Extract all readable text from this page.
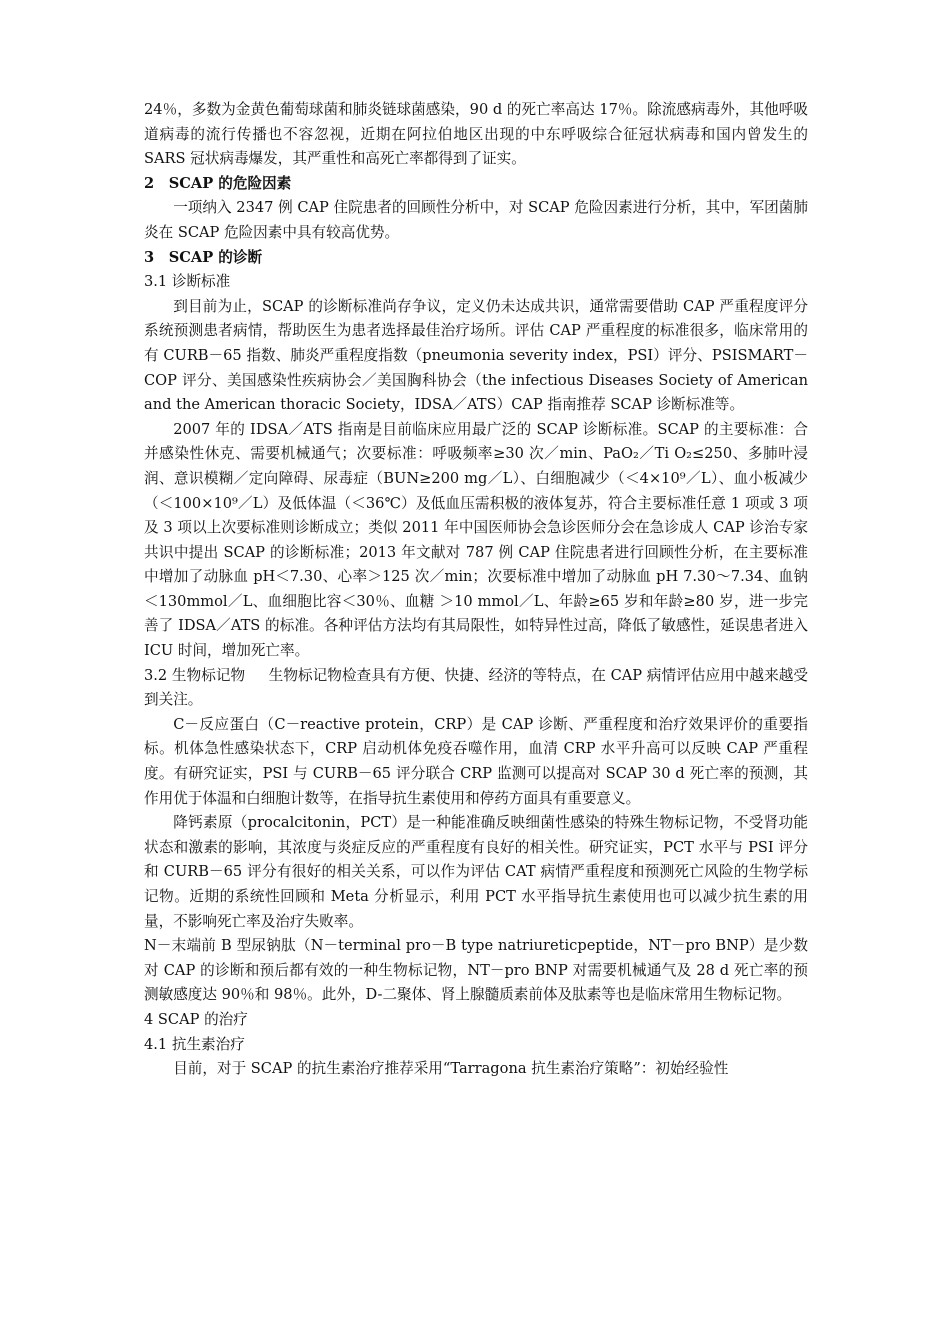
24％，多数为金黄色葡萄球菌和肺炎链球菌感染，90 d 的死亡率高达 17％。除流感病毒外，其他呼吸道病毒的流行传播也不容忽视，近期在阿拉伯地区出现的中东呼吸综合征冠状病毒和国内曾发生的 SARS 冠状病毒爆发，其严重性和高死亡率都得到了证实。

2　SCAP 的危险因素

一项纳入 2347 例 CAP 住院患者的回顾性分析中，对 SCAP 危险因素进行分析，其中，军团菌肺炎在 SCAP 危险因素中具有较高优势。

3　SCAP 的诊断

3.1 诊断标准

到目前为止，SCAP 的诊断标准尚存争议，定义仍未达成共识，通常需要借助 CAP 严重程度评分系统预测患者病情，帮助医生为患者选择最佳治疗场所。评估 CAP 严重程度的标准很多，临床常用的有 CURB－65 指数、肺炎严重程度指数（pneumonia severity index，PSI）评分、PSISMART－COP 评分、美国感染性疾病协会／美国胸科协会（the infectious Diseases Society of American and the American thoracic Society，IDSA／ATS）CAP 指南推荐 SCAP 诊断标准等。

2007 年的 IDSA／ATS 指南是目前临床应用最广泛的 SCAP 诊断标准。SCAP 的主要标准：合并感染性休克、需要机械通气；次要标准：呼吸频率≥30 次／min、PaO₂／Ti O₂≤250、多肺叶浸润、意识模糊／定向障碍、尿毒症（BUN≥200 mg／L）、白细胞减少（＜4×10⁹／L）、血小板减少（＜100×10⁹／L）及低体温（＜36℃）及低血压需积极的液体复苏，符合主要标准任意 1 项或 3 项及 3 项以上次要标准则诊断成立；类似 2011 年中国医师协会急诊医师分会在急诊成人 CAP 诊治专家共识中提出 SCAP 的诊断标准；2013 年文献对 787 例 CAP 住院患者进行回顾性分析，在主要标准中增加了动脉血 pH＜7.30、心率＞125 次／min；次要标准中增加了动脉血 pH 7.30～7.34、血钠 ＜130mmol／L、血细胞比容＜30％、血糖 ＞10 mmol／L、年龄≥65 岁和年龄≥80 岁，进一步完善了 IDSA／ATS 的标准。各种评估方法均有其局限性，如特异性过高，降低了敏感性，延误患者进入 ICU 时间，增加死亡率。

3.2 生物标记物 生物标记物检查具有方便、快捷、经济的等特点，在 CAP 病情评估应用中越来越受到关注。

C－反应蛋白（C－reactive protein，CRP）是 CAP 诊断、严重程度和治疗效果评价的重要指标。机体急性感染状态下，CRP 启动机体免疫吞噬作用，血清 CRP 水平升高可以反映 CAP 严重程度。有研究证实，PSI 与 CURB－65 评分联合 CRP 监测可以提高对 SCAP 30 d 死亡率的预测，其作用优于体温和白细胞计数等，在指导抗生素使用和停药方面具有重要意义。

降钙素原（procalcitonin，PCT）是一种能准确反映细菌性感染的特殊生物标记物，不受肾功能状态和激素的影响，其浓度与炎症反应的严重程度有良好的相关性。研究证实，PCT 水平与 PSI 评分和 CURB－65 评分有很好的相关关系，可以作为评估 CAT 病情严重程度和预测死亡风险的生物学标记物。近期的系统性回顾和 Meta 分析显示，利用 PCT 水平指导抗生素使用也可以减少抗生素的用量，不影响死亡率及治疗失败率。

N－末端前 B 型尿钠肽（N－terminal pro－B type natriureticpeptide，NT－pro BNP）是少数对 CAP 的诊断和预后都有效的一种生物标记物，NT－pro BNP 对需要机械通气及 28 d 死亡率的预测敏感度达 90％和 98％。此外，D-二聚体、肾上腺髓质素前体及肽素等也是临床常用生物标记物。

4 SCAP 的治疗

4.1 抗生素治疗

目前，对于 SCAP 的抗生素治疗推荐采用“Tarragona 抗生素治疗策略”：初始经验性
